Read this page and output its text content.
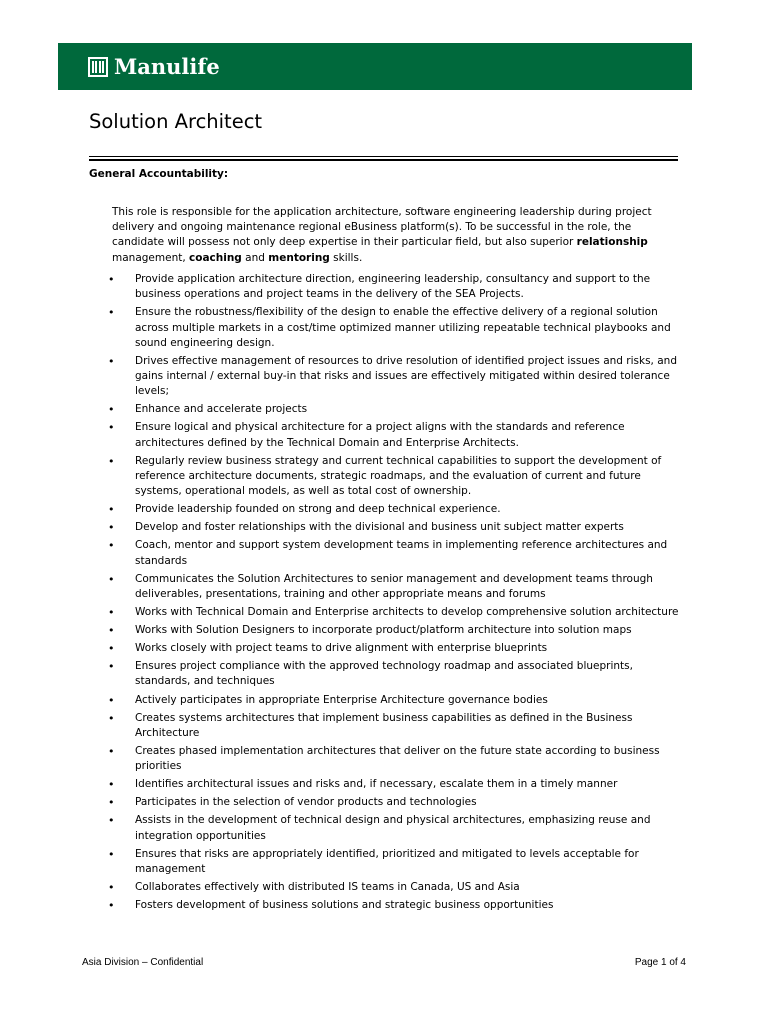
Manulife
Solution Architect
General Accountability:

This role is responsible for the application architecture, software engineering leadership during project delivery and ongoing maintenance regional eBusiness platform(s). To be successful in the role, the candidate will possess not only deep expertise in their particular field, but also superior relationship management, coaching and mentoring skills.

• Provide application architecture direction, engineering leadership, consultancy and support to the business operations and project teams in the delivery of the SEA Projects.
• Ensure the robustness/flexibility of the design to enable the effective delivery of a regional solution across multiple markets in a cost/time optimized manner utilizing repeatable technical playbooks and sound engineering design.
• Drives effective management of resources to drive resolution of identified project issues and risks, and gains internal / external buy-in that risks and issues are effectively mitigated within desired tolerance levels;
• Enhance and accelerate projects
• Ensure logical and physical architecture for a project aligns with the standards and reference architectures defined by the Technical Domain and Enterprise Architects.
• Regularly review business strategy and current technical capabilities to support the development of reference architecture documents, strategic roadmaps, and the evaluation of current and future systems, operational models, as well as total cost of ownership.
• Provide leadership founded on strong and deep technical experience.
• Develop and foster relationships with the divisional and business unit subject matter experts
• Coach, mentor and support system development teams in implementing reference architectures and standards
• Communicates the Solution Architectures to senior management and development teams through deliverables, presentations, training and other appropriate means and forums
• Works with Technical Domain and Enterprise architects to develop comprehensive solution architecture
• Works with Solution Designers to incorporate product/platform architecture into solution maps
• Works closely with project teams to drive alignment with enterprise blueprints
• Ensures project compliance with the approved technology roadmap and associated blueprints, standards, and techniques
• Actively participates in appropriate Enterprise Architecture governance bodies
• Creates systems architectures that implement business capabilities as defined in the Business Architecture
• Creates phased implementation architectures that deliver on the future state according to business priorities
• Identifies architectural issues and risks and, if necessary, escalate them in a timely manner
• Participates in the selection of vendor products and technologies
• Assists in the development of technical design and physical architectures, emphasizing reuse and integration opportunities
• Ensures that risks are appropriately identified, prioritized and mitigated to levels acceptable for management
• Collaborates effectively with distributed IS teams in Canada, US and Asia
• Fosters development of business solutions and strategic business opportunities
Asia Division – Confidential	Page 1 of 4
